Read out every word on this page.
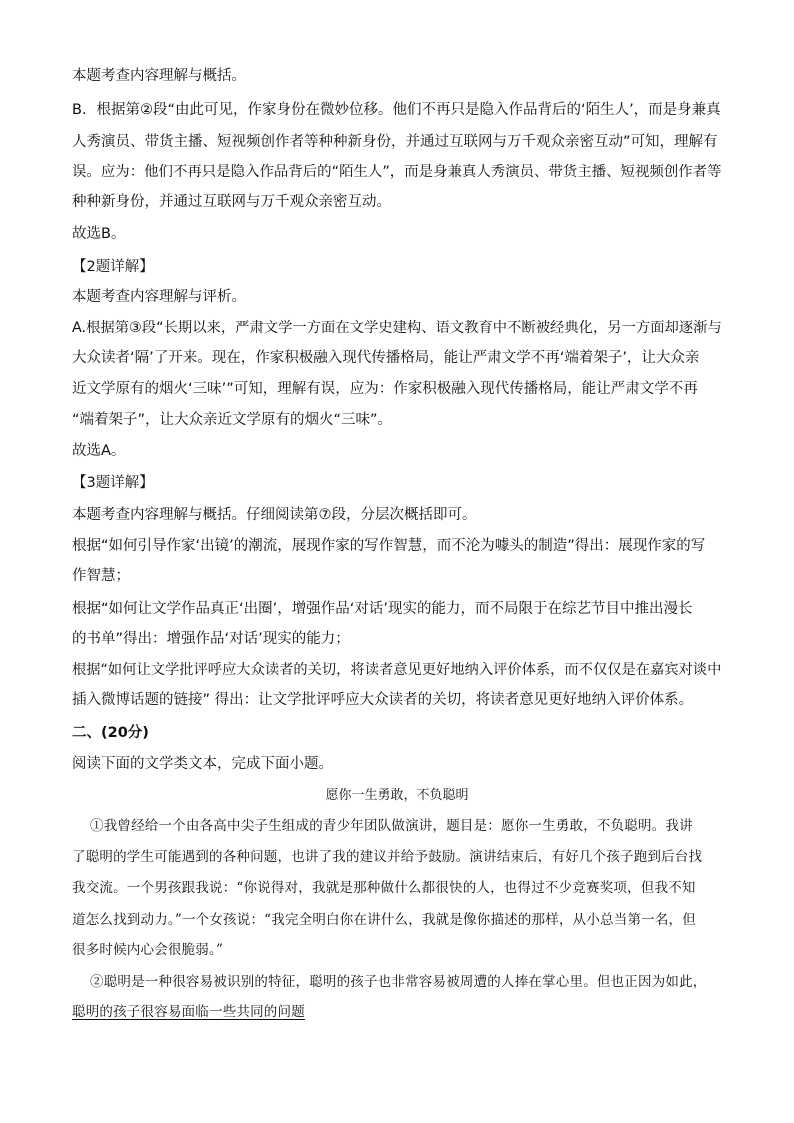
本题考查内容理解与概括。
B．根据第②段“由此可见，作家身份在微妙位移。他们不再只是隐入作品背后的‘陌生人’，而是身兼真
人秀演员、带货主播、短视频创作者等种种新身份，并通过互联网与万千观众亲密互动”可知，理解有
误。应为：他们不再只是隐入作品背后的“陌生人”，而是身兼真人秀演员、带货主播、短视频创作者等
种种新身份，并通过互联网与万千观众亲密互动。
故选B。
【2题详解】
本题考查内容理解与评析。
A.根据第③段“长期以来，严肃文学一方面在文学史建构、语文教育中不断被经典化，另一方面却逐渐与
大众读者‘隔’了开来。现在，作家积极融入现代传播格局，能让严肃文学不再‘端着架子’，让大众亲
近文学原有的烟火‘三味’”可知，理解有误，应为：作家积极融入现代传播格局，能让严肃文学不再
“端着架子”，让大众亲近文学原有的烟火“三味”。
故选A。
【3题详解】
本题考查内容理解与概括。仔细阅读第⑦段，分层次概括即可。
根据“如何引导作家‘出镜’的潮流，展现作家的写作智慧，而不沦为噱头的制造”得出：展现作家的写
作智慧；
根据“如何让文学作品真正‘出圈’，增强作品‘对话’现实的能力，而不局限于在综艺节目中推出漫长
的书单”得出：增强作品‘对话’现实的能力；
根据“如何让文学批评呼应大众读者的关切，将读者意见更好地纳入评价体系，而不仅仅是在嘉宾对谈中
插入微博话题的链接” 得出：让文学批评呼应大众读者的关切，将读者意见更好地纳入评价体系。
二、(20分)
阅读下面的文学类文本，完成下面小题。
愿你一生勇敢，不负聪明
①我曾经给一个由各高中尖子生组成的青少年团队做演讲，题目是：愿你一生勇敢，不负聪明。我讲
了聪明的学生可能遇到的各种问题，也讲了我的建议并给予鼓励。演讲结束后，有好几个孩子跑到后台找
我交流。一个男孩跟我说：“你说得对，我就是那种做什么都很快的人，也得过不少竞赛奖项，但我不知
道怎么找到动力。”一个女孩说：“我完全明白你在讲什么，我就是像你描述的那样，从小总当第一名，但
很多时候内心会很脆弱。”
②聪明是一种很容易被识别的特征，聪明的孩子也非常容易被周遭的人捧在掌心里。但也正因为如此，
聪明的孩子很容易面临一些共同的问题
